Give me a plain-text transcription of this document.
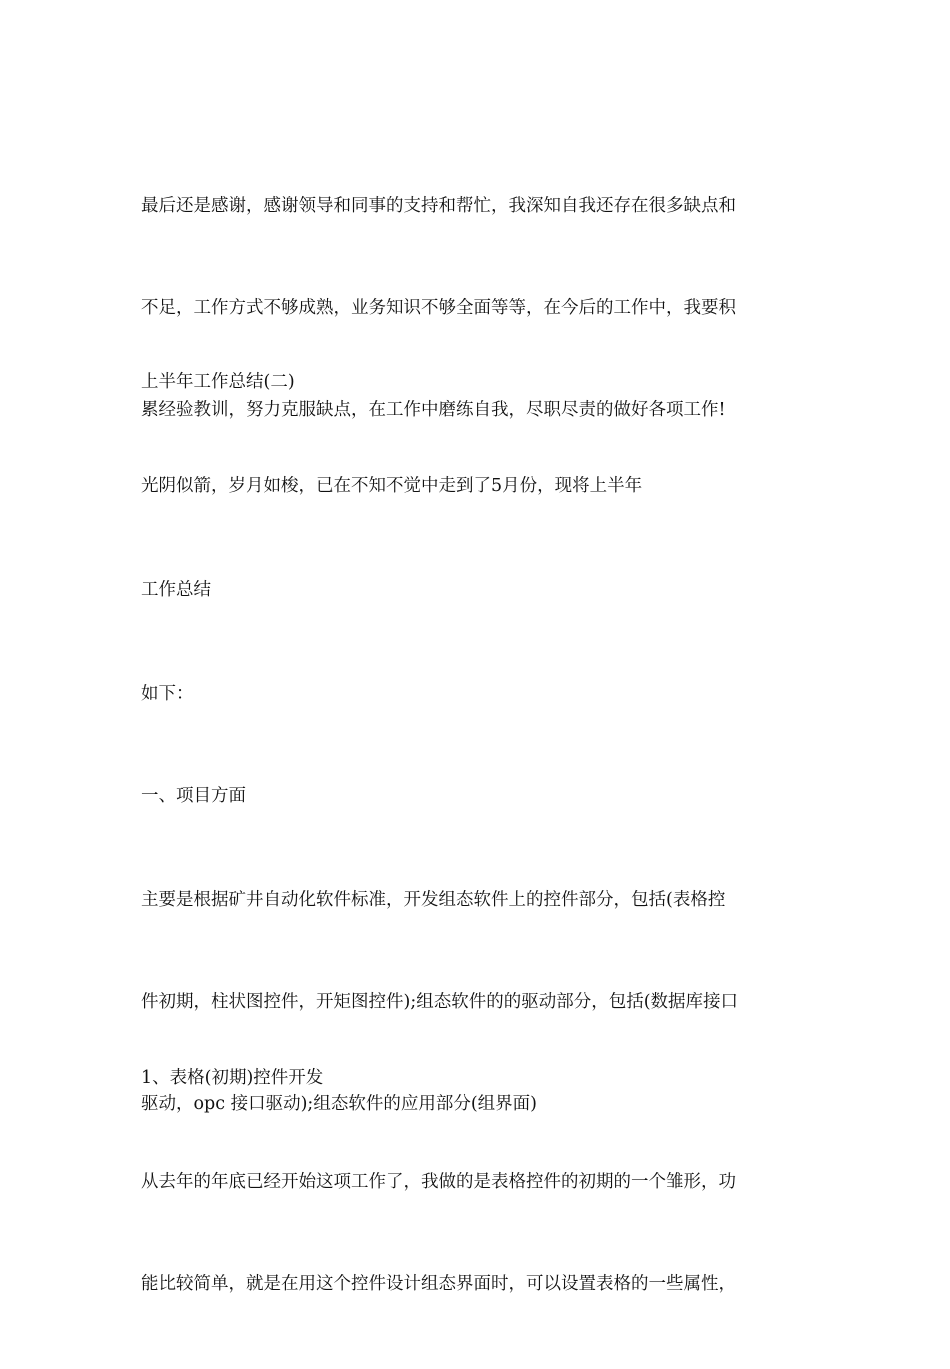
最后还是感谢，感谢领导和同事的支持和帮忙，我深知自我还存在很多缺点和

不足，工作方式不够成熟，业务知识不够全面等等，在今后的工作中，我要积

累经验教训，努力克服缺点，在工作中磨练自我，尽职尽责的做好各项工作!

上半年工作总结(二)

光阴似箭，岁月如梭，已在不知不觉中走到了5月份，现将上半年

工作总结

如下：

一、项目方面

主要是根据矿井自动化软件标准，开发组态软件上的控件部分，包括(表格控

件初期，柱状图控件，开矩图控件);组态软件的的驱动部分，包括(数据库接口

驱动，opc 接口驱动);组态软件的应用部分(组界面)

1、表格(初期)控件开发

从去年的年底已经开始这项工作了，我做的是表格控件的初期的一个雏形，功

能比较简单，就是在用这个控件设计组态界面时，可以设置表格的一些属性，
